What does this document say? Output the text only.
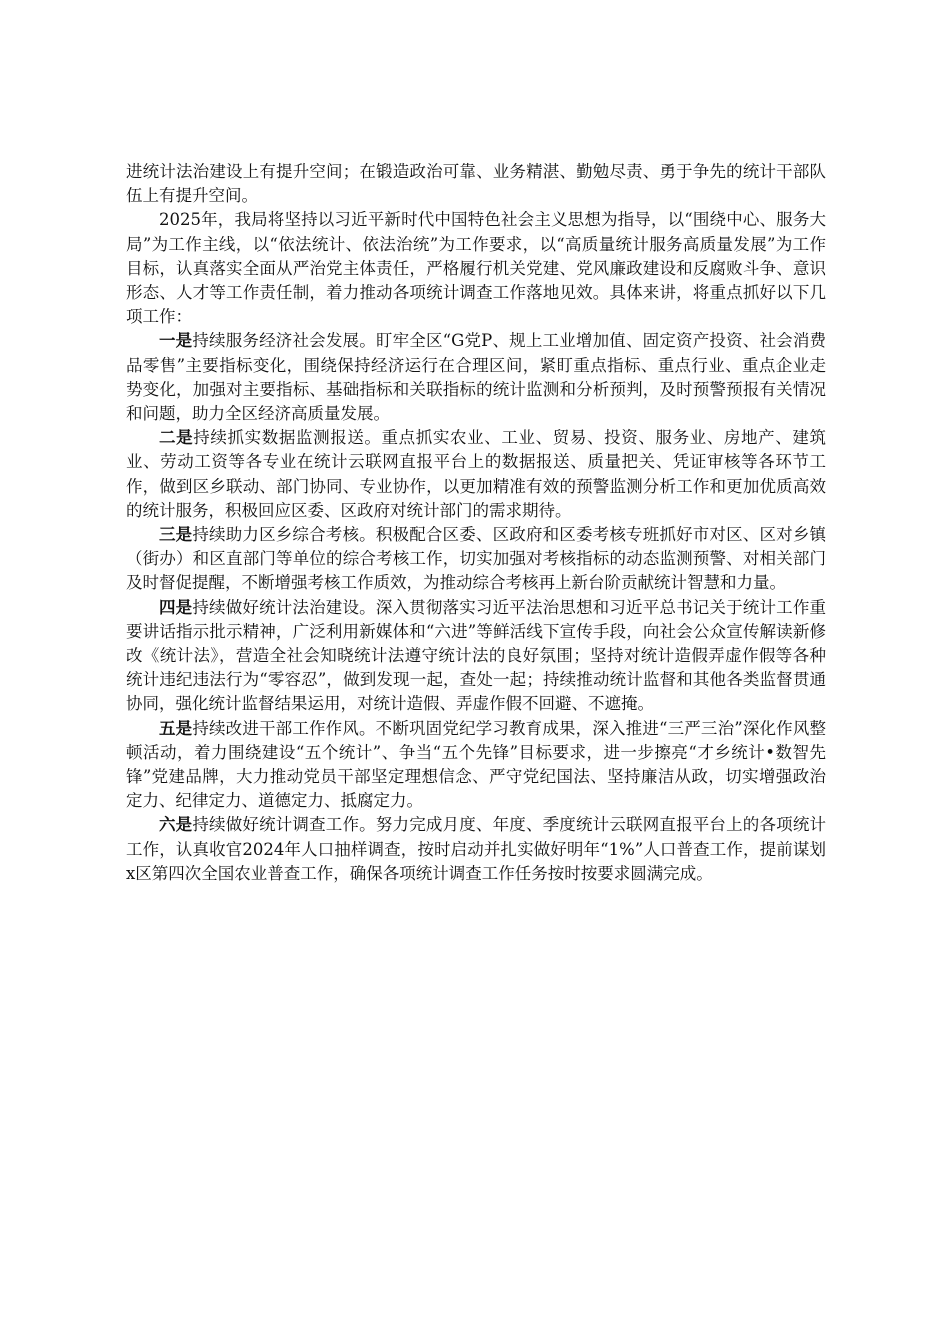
进统计法治建设上有提升空间；在锻造政治可靠、业务精湛、勤勉尽责、勇于争先的统计干部队伍上有提升空间。

2025年，我局将坚持以习近平新时代中国特色社会主义思想为指导，以“围绕中心、服务大局”为工作主线，以“依法统计、依法治统”为工作要求，以“高质量统计服务高质量发展”为工作目标，认真落实全面从严治党主体责任，严格履行机关党建、党风廉政建设和反腐败斗争、意识形态、人才等工作责任制，着力推动各项统计调查工作落地见效。具体来讲，将重点抓好以下几项工作：

一是持续服务经济社会发展。盯牢全区“G党P、规上工业增加值、固定资产投资、社会消费品零售”主要指标变化，围绕保持经济运行在合理区间，紧盯重点指标、重点行业、重点企业走势变化，加强对主要指标、基础指标和关联指标的统计监测和分析预判，及时预警预报有关情况和问题，助力全区经济高质量发展。

二是持续抓实数据监测报送。重点抓实农业、工业、贸易、投资、服务业、房地产、建筑业、劳动工资等各专业在统计云联网直报平台上的数据报送、质量把关、凭证审核等各环节工作，做到区乡联动、部门协同、专业协作，以更加精准有效的预警监测分析工作和更加优质高效的统计服务，积极回应区委、区政府对统计部门的需求期待。

三是持续助力区乡综合考核。积极配合区委、区政府和区委考核专班抓好市对区、区对乡镇（街办）和区直部门等单位的综合考核工作，切实加强对考核指标的动态监测预警、对相关部门及时督促提醒，不断增强考核工作质效，为推动综合考核再上新台阶贡献统计智慧和力量。

四是持续做好统计法治建设。深入贯彻落实习近平法治思想和习近平总书记关于统计工作重要讲话指示批示精神，广泛利用新媒体和“六进”等鲜活线下宣传手段，向社会公众宣传解读新修改《统计法》，营造全社会知晓统计法遵守统计法的良好氛围；坚持对统计造假弄虚作假等各种统计违纪违法行为“零容忍”，做到发现一起，查处一起；持续推动统计监督和其他各类监督贯通协同，强化统计监督结果运用，对统计造假、弄虚作假不回避、不遮掩。

五是持续改进干部工作作风。不断巩固党纪学习教育成果，深入推进“三严三治”深化作风整顿活动，着力围绕建设“五个统计”、争当“五个先锋”目标要求，进一步擦亮“才乡统计•数智先锋”党建品牌，大力推动党员干部坚定理想信念、严守党纪国法、坚持廉洁从政，切实增强政治定力、纪律定力、道德定力、抵腐定力。

六是持续做好统计调查工作。努力完成月度、年度、季度统计云联网直报平台上的各项统计工作，认真收官2024年人口抽样调查，按时启动并扎实做好明年“1%”人口普查工作，提前谋划x区第四次全国农业普查工作，确保各项统计调查工作任务按时按要求圆满完成。
